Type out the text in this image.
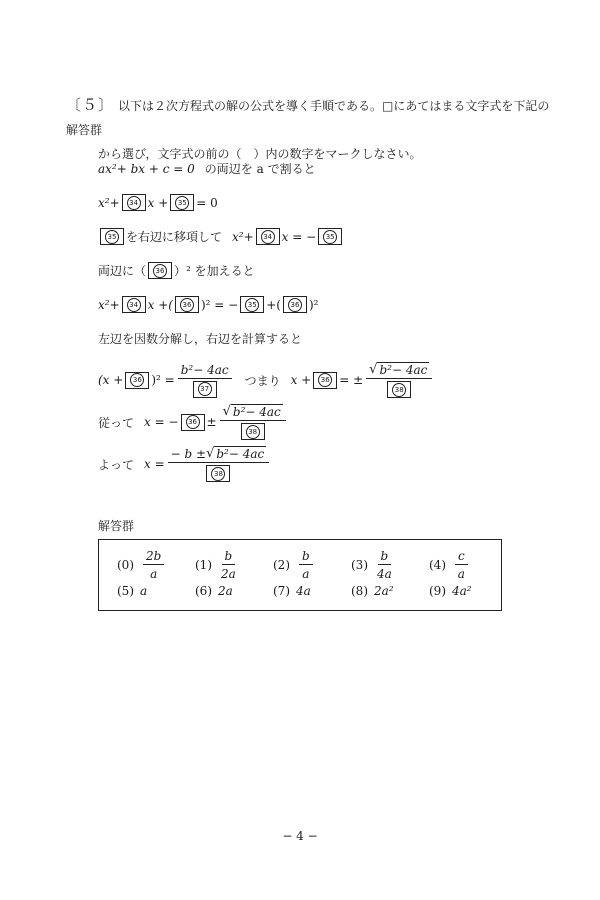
〔５〕 以下は２次方程式の解の公式を導く手順である。□にあてはまる文字式を下記の解答群
から選び，文字式の前の（　）内の数字をマークしなさい。
ax²+ bx + c = 0 の両辺を a で割ると
x²+	34 x +	35 = 0
35 を右辺に移項して x²+	34 x = −	35
両辺に（	36 ）² を加えると
x²+	34 x +(	36 )² = −	35 +(	36 )²
左辺を因数分解し，右辺を計算すると
(x +	36 )$^2 = \frac{\text{b²− 4ac}}{37}$ つまり x +	36 = ± $\frac{\text{√ b²− 4ac}}{38}$
従って x = −	$36 \pm \frac{\text{√ b²− 4ac}}{38}$
よって $x = \frac{\text{− b ± √ b²− 4ac}}{38}$
解答群
$(0) \frac{2b}{a}$	$(1) \frac{b}{2a}$	$(2) \frac{b}{a}$	$(3) \frac{b}{4a}$	$(4) \frac{c}{a}$
(5) a	(6) 2a	(7) 4a	(8) 2a²	(9) 4a²
− 4 −
